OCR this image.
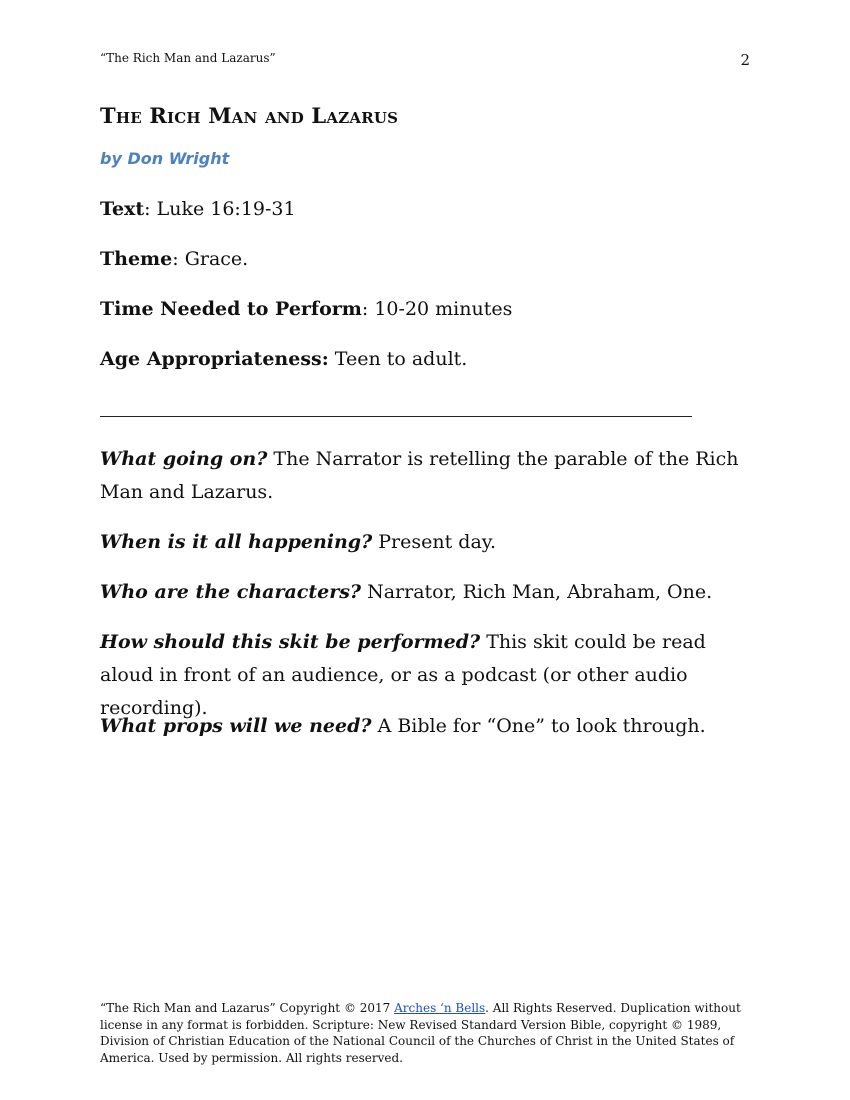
“The Rich Man and Lazarus”	2
The Rich Man and Lazarus
by Don Wright
Text: Luke 16:19-31
Theme: Grace.
Time Needed to Perform: 10-20 minutes
Age Appropriateness: Teen to adult.
What going on? The Narrator is retelling the parable of the Rich Man and Lazarus.
When is it all happening? Present day.
Who are the characters? Narrator, Rich Man, Abraham, One.
How should this skit be performed? This skit could be read aloud in front of an audience, or as a podcast (or other audio recording).
What props will we need? A Bible for “One” to look through.
“The Rich Man and Lazarus” Copyright © 2017 Arches ‘n Bells. All Rights Reserved. Duplication without license in any format is forbidden. Scripture: New Revised Standard Version Bible, copyright © 1989, Division of Christian Education of the National Council of the Churches of Christ in the United States of America. Used by permission. All rights reserved.
